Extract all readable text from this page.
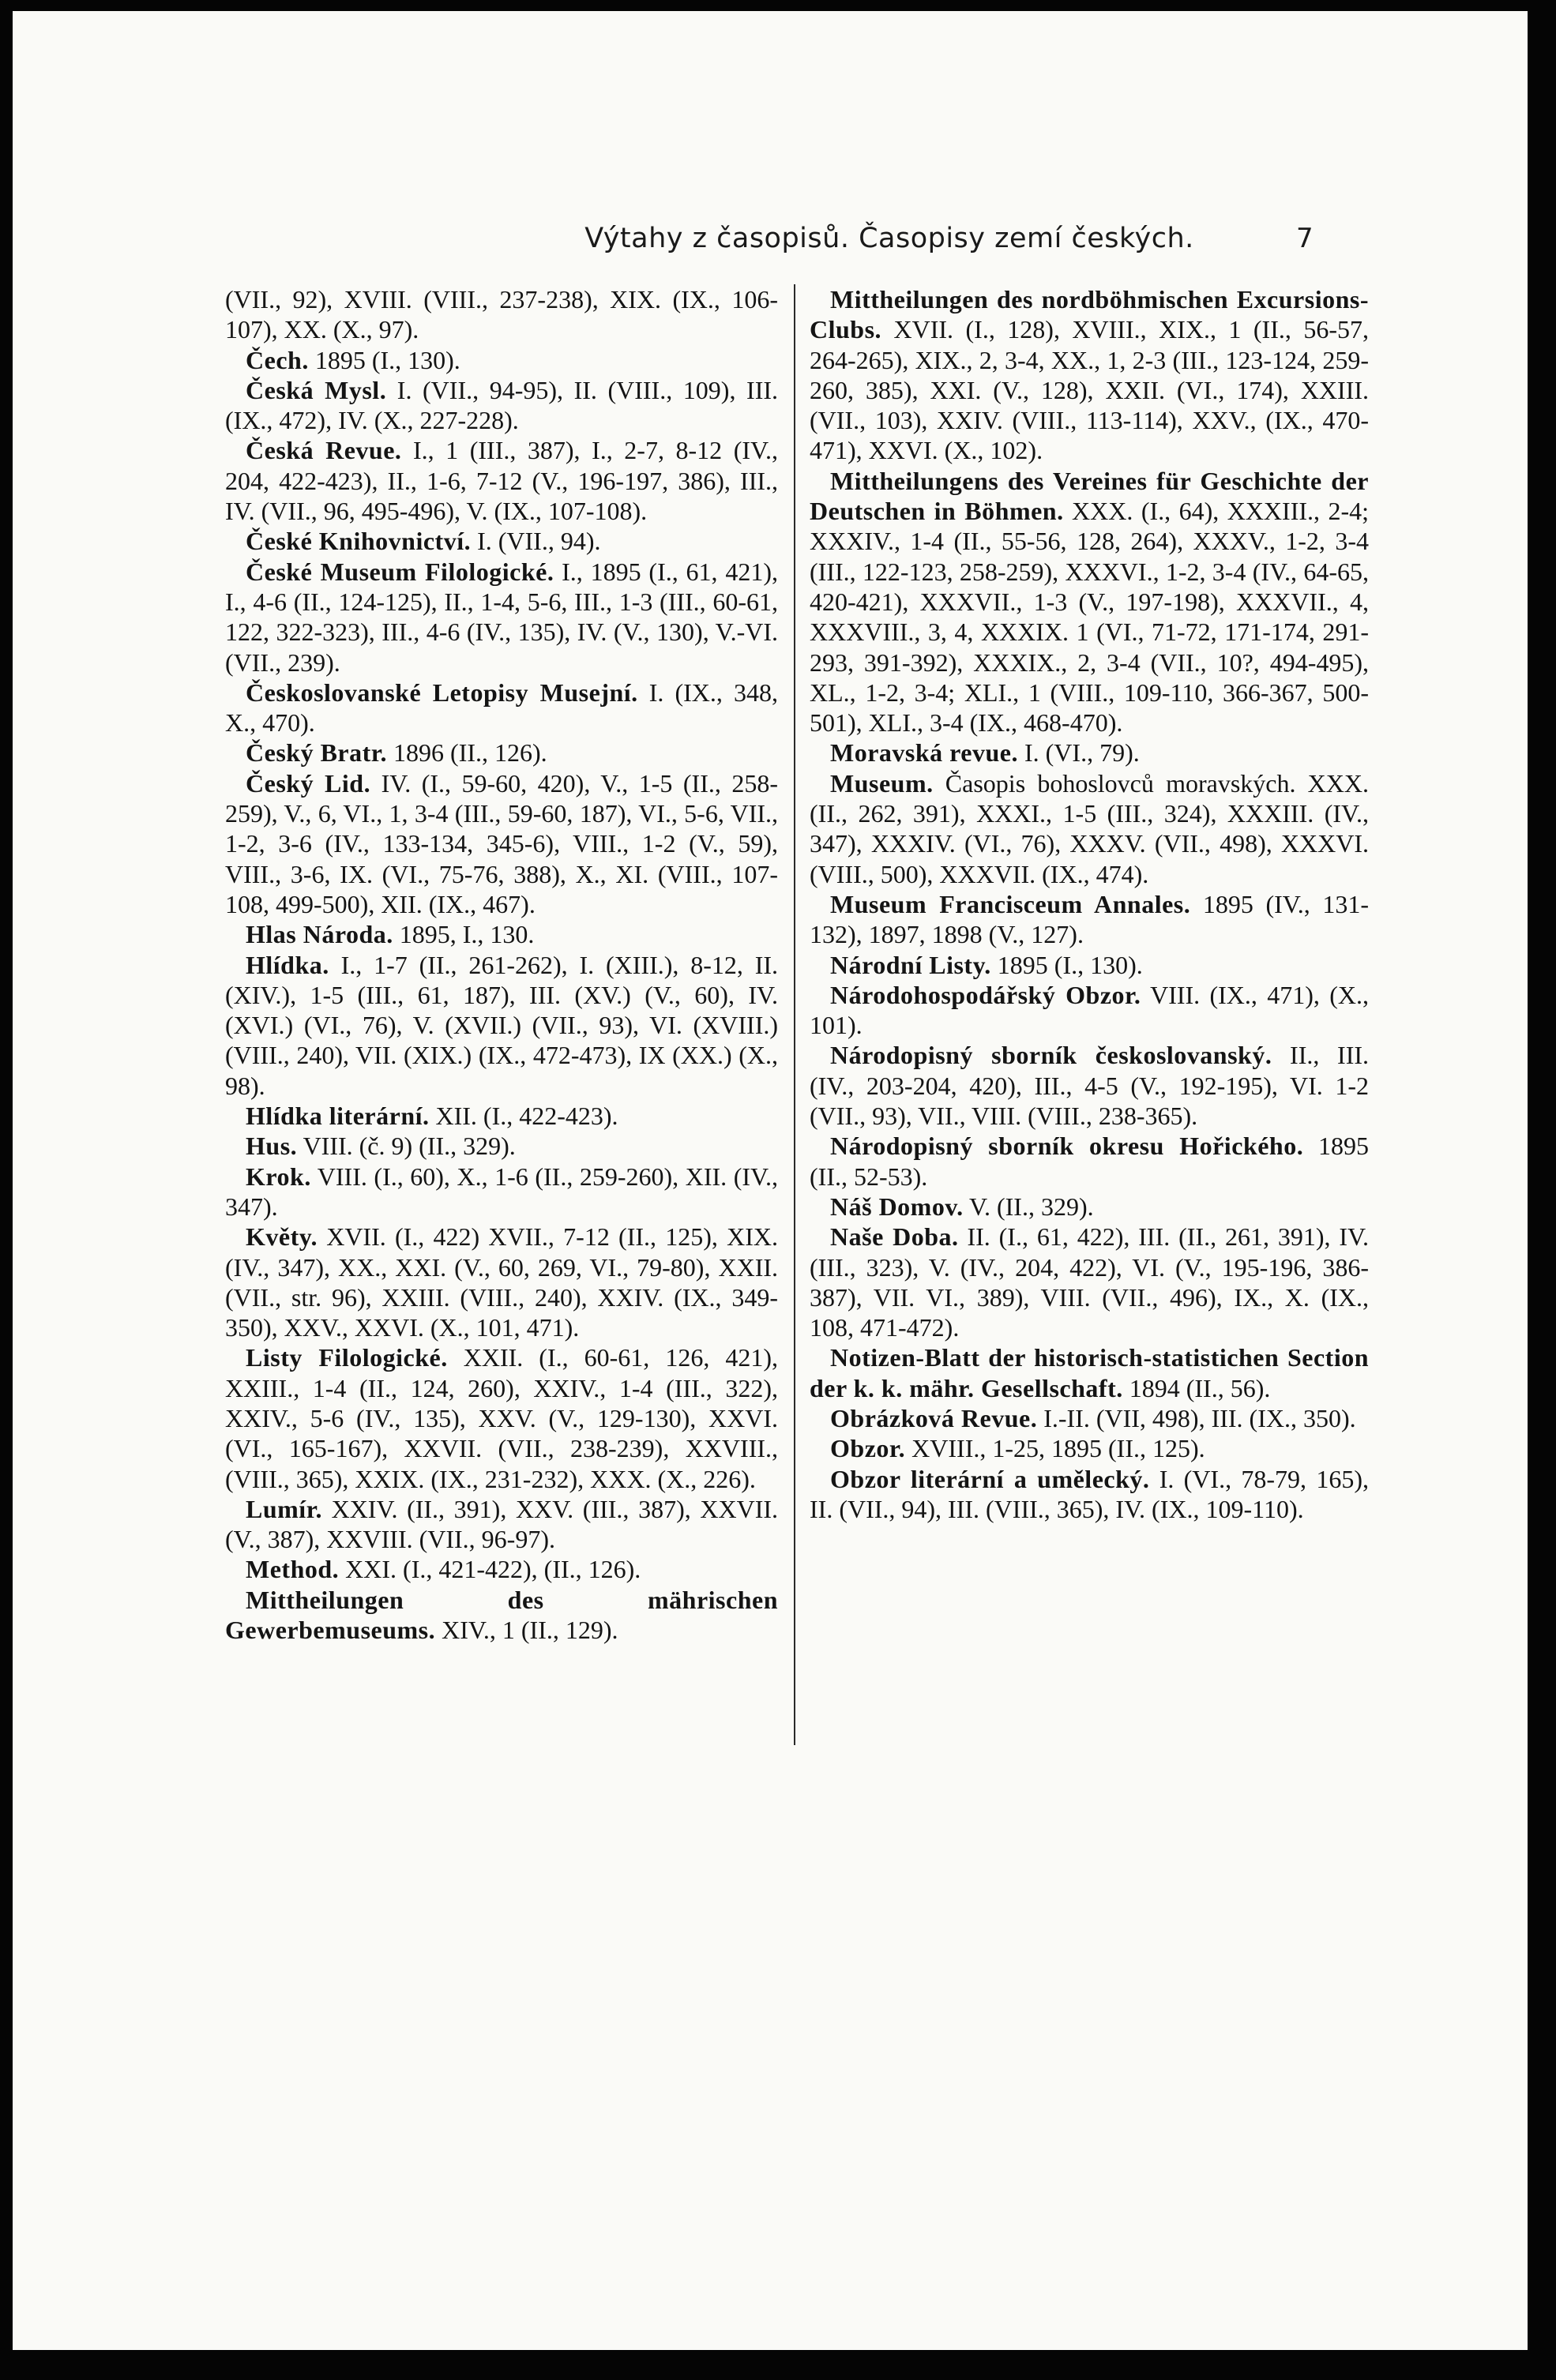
Výtahy z časopisů. Časopisy zemí českých.	7

(VII., 92), XVIII. (VIII., 237-238), XIX. (IX., 106-107), XX. (X., 97).

Čech. 1895 (I., 130).

Česká Mysl. I. (VII., 94-95), II. (VIII., 109), III. (IX., 472), IV. (X., 227-228).

Česká Revue. I., 1 (III., 387), I., 2-7, 8-12 (IV., 204, 422-423), II., 1-6, 7-12 (V., 196-197, 386), III., IV. (VII., 96, 495-496), V. (IX., 107-108).

České Knihovnictví. I. (VII., 94).

České Museum Filologické. I., 1895 (I., 61, 421), I., 4-6 (II., 124-125), II., 1-4, 5-6, III., 1-3 (III., 60-61, 122, 322-323), III., 4-6 (IV., 135), IV. (V., 130), V.-VI. (VII., 239).

Českoslovanské Letopisy Musejní. I. (IX., 348, X., 470).

Český Bratr. 1896 (II., 126).

Český Lid. IV. (I., 59-60, 420), V., 1-5 (II., 258-259), V., 6, VI., 1, 3-4 (III., 59-60, 187), VI., 5-6, VII., 1-2, 3-6 (IV., 133-134, 345-6), VIII., 1-2 (V., 59), VIII., 3-6, IX. (VI., 75-76, 388), X., XI. (VIII., 107-108, 499-500), XII. (IX., 467).

Hlas Národa. 1895, I., 130.

Hlídka. I., 1-7 (II., 261-262), I. (XIII.), 8-12, II. (XIV.), 1-5 (III., 61, 187), III. (XV.) (V., 60), IV. (XVI.) (VI., 76), V. (XVII.) (VII., 93), VI. (XVIII.) (VIII., 240), VII. (XIX.) (IX., 472-473), IX (XX.) (X., 98).

Hlídka literární. XII. (I., 422-423).

Hus. VIII. (č. 9) (II., 329).

Krok. VIII. (I., 60), X., 1-6 (II., 259-260), XII. (IV., 347).

Květy. XVII. (I., 422) XVII., 7-12 (II., 125), XIX. (IV., 347), XX., XXI. (V., 60, 269, VI., 79-80), XXII. (VII., str. 96), XXIII. (VIII., 240), XXIV. (IX., 349-350), XXV., XXVI. (X., 101, 471).

Listy Filologické. XXII. (I., 60-61, 126, 421), XXIII., 1-4 (II., 124, 260), XXIV., 1-4 (III., 322), XXIV., 5-6 (IV., 135), XXV. (V., 129-130), XXVI. (VI., 165-167), XXVII. (VII., 238-239), XXVIII., (VIII., 365), XXIX. (IX., 231-232), XXX. (X., 226).

Lumír. XXIV. (II., 391), XXV. (III., 387), XXVII. (V., 387), XXVIII. (VII., 96-97).

Method. XXI. (I., 421-422), (II., 126).

Mittheilungen des mährischen Gewerbemuseums. XIV., 1 (II., 129).

Mittheilungen des nordböhmischen Excursions-Clubs. XVII. (I., 128), XVIII., XIX., 1 (II., 56-57, 264-265), XIX., 2, 3-4, XX., 1, 2-3 (III., 123-124, 259-260, 385), XXI. (V., 128), XXII. (VI., 174), XXIII. (VII., 103), XXIV. (VIII., 113-114), XXV., (IX., 470-471), XXVI. (X., 102).

Mittheilungens des Vereines für Geschichte der Deutschen in Böhmen. XXX. (I., 64), XXXIII., 2-4; XXXIV., 1-4 (II., 55-56, 128, 264), XXXV., 1-2, 3-4 (III., 122-123, 258-259), XXXVI., 1-2, 3-4 (IV., 64-65, 420-421), XXXVII., 1-3 (V., 197-198), XXXVII., 4, XXXVIII., 3, 4, XXXIX. 1 (VI., 71-72, 171-174, 291-293, 391-392), XXXIX., 2, 3-4 (VII., 10?, 494-495), XL., 1-2, 3-4; XLI., 1 (VIII., 109-110, 366-367, 500-501), XLI., 3-4 (IX., 468-470).

Moravská revue. I. (VI., 79).

Museum. Časopis bohoslovců moravských. XXX. (II., 262, 391), XXXI., 1-5 (III., 324), XXXIII. (IV., 347), XXXIV. (VI., 76), XXXV. (VII., 498), XXXVI. (VIII., 500), XXXVII. (IX., 474).

Museum Francisceum Annales. 1895 (IV., 131-132), 1897, 1898 (V., 127).

Národní Listy. 1895 (I., 130).

Národohospodářský Obzor. VIII. (IX., 471), (X., 101).

Národopisný sborník českoslovanský. II., III. (IV., 203-204, 420), III., 4-5 (V., 192-195), VI. 1-2 (VII., 93), VII., VIII. (VIII., 238-365).

Národopisný sborník okresu Hořického. 1895 (II., 52-53).

Náš Domov. V. (II., 329).

Naše Doba. II. (I., 61, 422), III. (II., 261, 391), IV. (III., 323), V. (IV., 204, 422), VI. (V., 195-196, 386-387), VII. VI., 389), VIII. (VII., 496), IX., X. (IX., 108, 471-472).

Notizen-Blatt der historisch-statistichen Section der k. k. mähr. Gesellschaft. 1894 (II., 56).

Obrázková Revue. I.-II. (VII, 498), III. (IX., 350).

Obzor. XVIII., 1-25, 1895 (II., 125).

Obzor literární a umělecký. I. (VI., 78-79, 165), II. (VII., 94), III. (VIII., 365), IV. (IX., 109-110).
